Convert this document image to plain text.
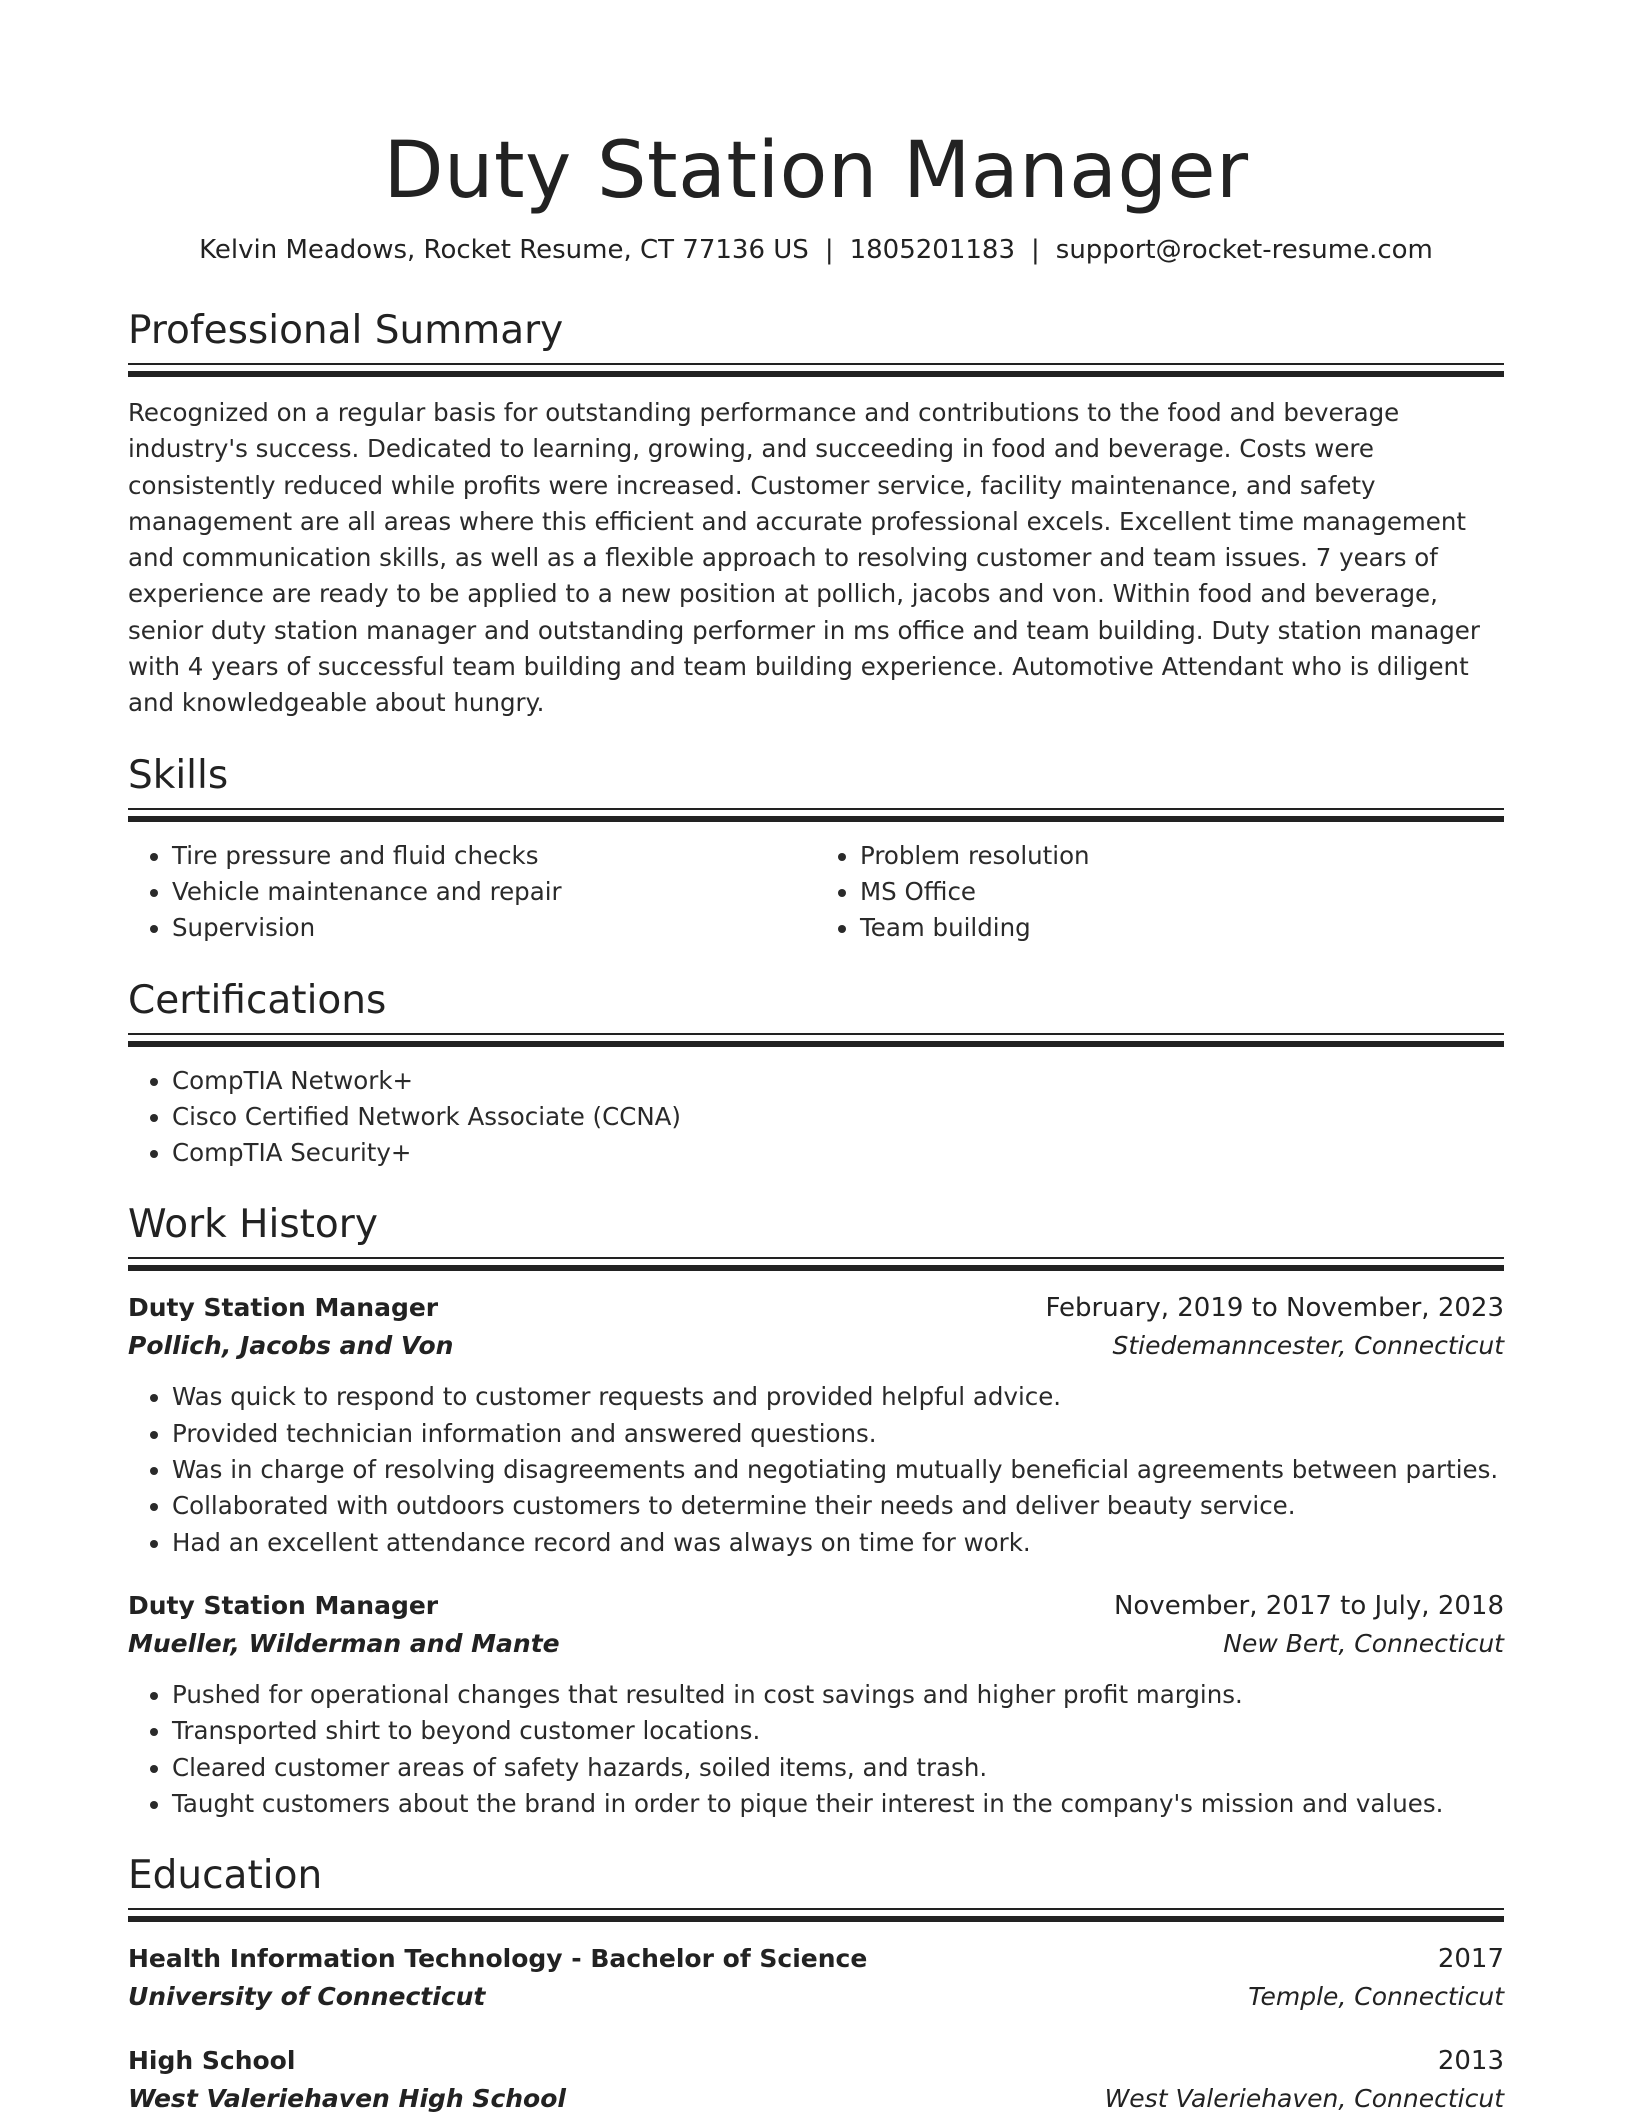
Duty Station Manager
Kelvin Meadows, Rocket Resume, CT 77136 US | 1805201183 | support@rocket-resume.com
Professional Summary
Recognized on a regular basis for outstanding performance and contributions to the food and beverage industry's success. Dedicated to learning, growing, and succeeding in food and beverage. Costs were consistently reduced while profits were increased. Customer service, facility maintenance, and safety management are all areas where this efficient and accurate professional excels. Excellent time management and communication skills, as well as a flexible approach to resolving customer and team issues. 7 years of experience are ready to be applied to a new position at pollich, jacobs and von. Within food and beverage, senior duty station manager and outstanding performer in ms office and team building. Duty station manager with 4 years of successful team building and team building experience. Automotive Attendant who is diligent and knowledgeable about hungry.
Skills
• Tire pressure and fluid checks
• Vehicle maintenance and repair
• Supervision
• Problem resolution
• MS Office
• Team building
Certifications
• CompTIA Network+
• Cisco Certified Network Associate (CCNA)
• CompTIA Security+
Work History
Duty Station Manager	February, 2019 to November, 2023
Pollich, Jacobs and Von	Stiedemanncester, Connecticut
• Was quick to respond to customer requests and provided helpful advice.
• Provided technician information and answered questions.
• Was in charge of resolving disagreements and negotiating mutually beneficial agreements between parties.
• Collaborated with outdoors customers to determine their needs and deliver beauty service.
• Had an excellent attendance record and was always on time for work.
Duty Station Manager	November, 2017 to July, 2018
Mueller, Wilderman and Mante	New Bert, Connecticut
• Pushed for operational changes that resulted in cost savings and higher profit margins.
• Transported shirt to beyond customer locations.
• Cleared customer areas of safety hazards, soiled items, and trash.
• Taught customers about the brand in order to pique their interest in the company's mission and values.
Education
Health Information Technology - Bachelor of Science	2017
University of Connecticut	Temple, Connecticut
High School	2013
West Valeriehaven High School	West Valeriehaven, Connecticut
